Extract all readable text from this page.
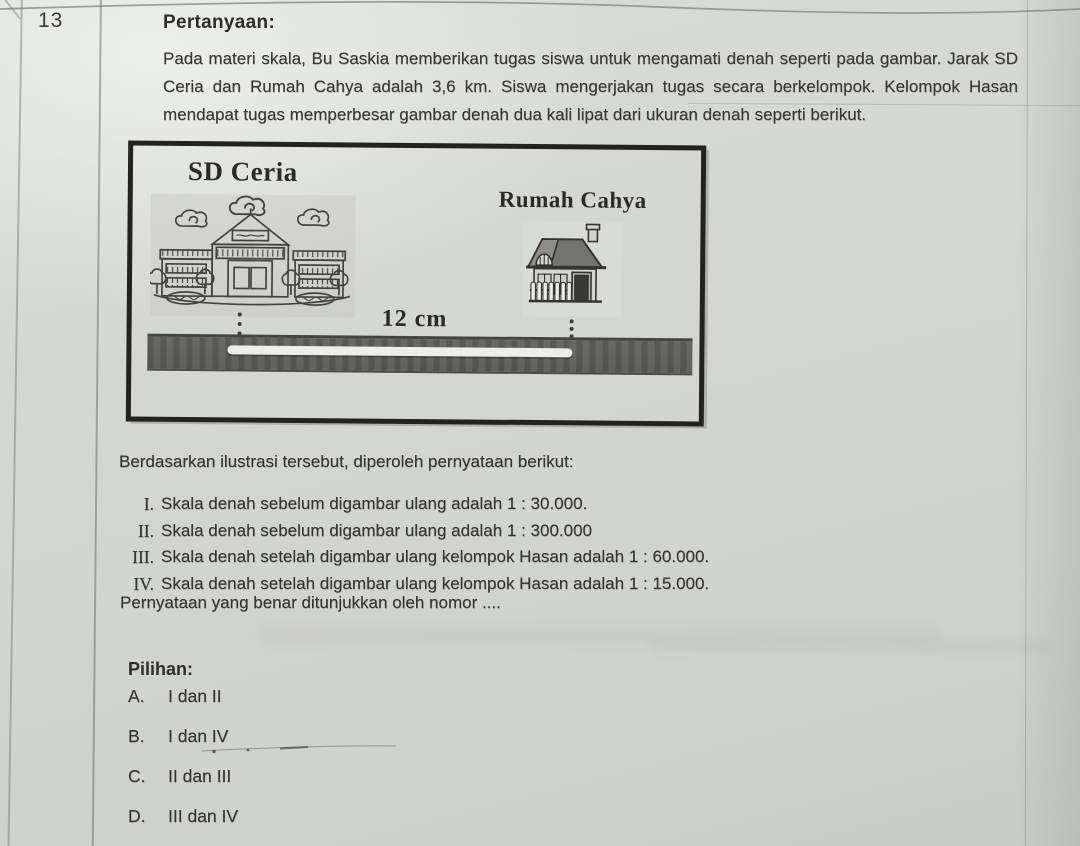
13	Pertanyaan:
Pada materi skala, Bu Saskia memberikan tugas siswa untuk mengamati denah seperti pada gambar. Jarak SD Ceria dan Rumah Cahya adalah 3,6 km. Siswa mengerjakan tugas secara berkelompok. Kelompok Hasan mendapat tugas memperbesar gambar denah dua kali lipat dari ukuran denah seperti berikut.
SD Ceria
Rumah Cahya
12 cm
Berdasarkan ilustrasi tersebut, diperoleh pernyataan berikut:
I. Skala denah sebelum digambar ulang adalah 1 : 30.000.
II. Skala denah sebelum digambar ulang adalah 1 : 300.000
III. Skala denah setelah digambar ulang kelompok Hasan adalah 1 : 60.000.
IV. Skala denah setelah digambar ulang kelompok Hasan adalah 1 : 15.000.
Pernyataan yang benar ditunjukkan oleh nomor ....
Pilihan:
A.	I dan II
B.	I dan IV
C.	II dan III
D.	III dan IV
